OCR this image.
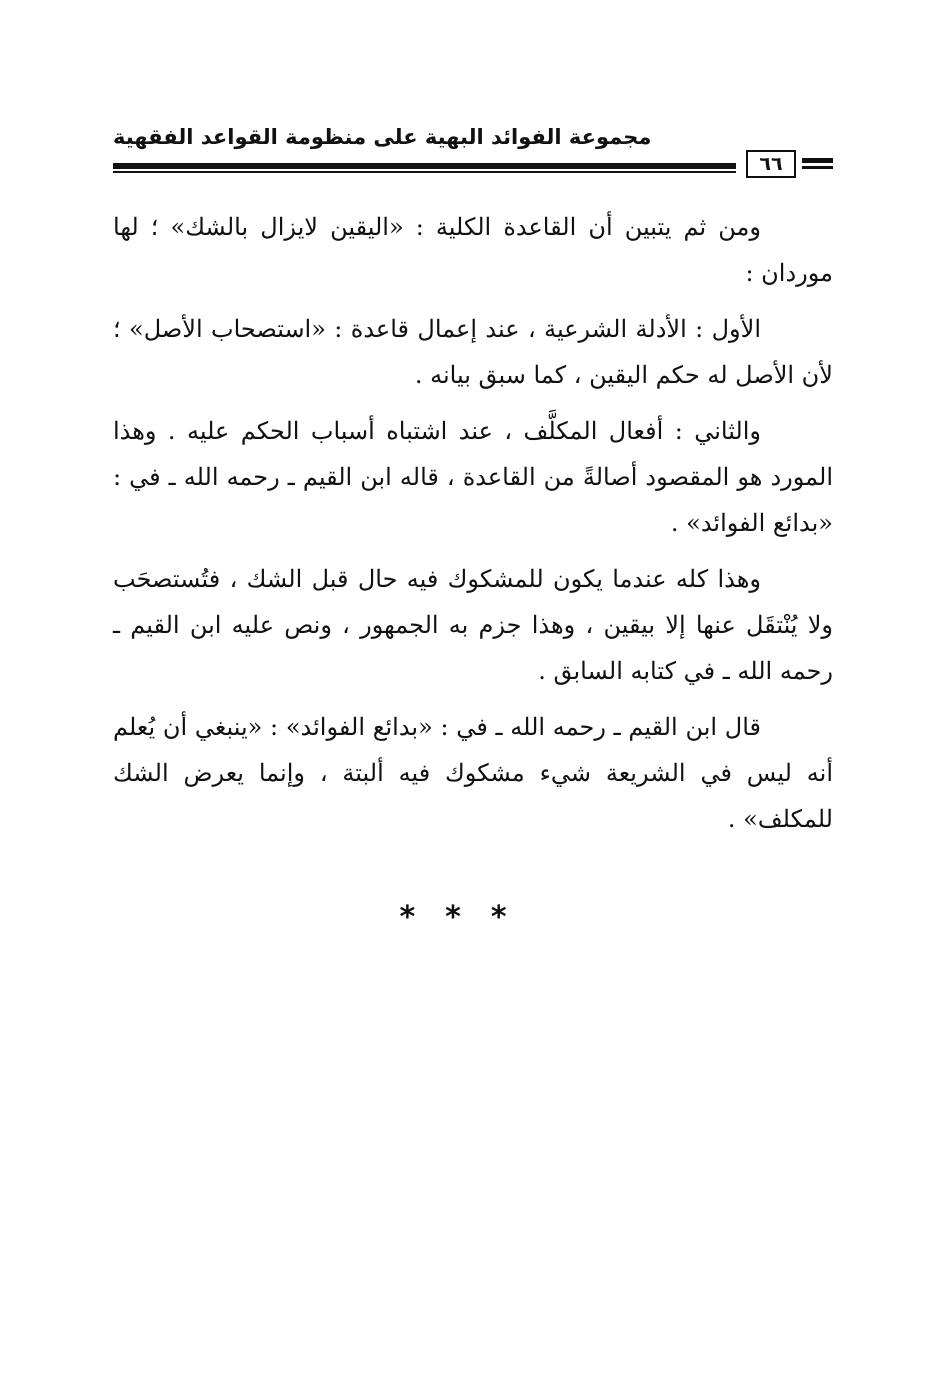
مجموعة الفوائد البهية على منظومة القواعد الفقهية
٦٦

ومن ثم يتبين أن القاعدة الكلية : «اليقين لايزال بالشك» ؛ لها موردان :

الأول : الأدلة الشرعية ، عند إعمال قاعدة : «استصحاب الأصل» ؛ لأن الأصل له حكم اليقين ، كما سبق بيانه .

والثاني : أفعال المكلَّف ، عند اشتباه أسباب الحكم عليه . وهذا المورد هو المقصود أصالةً من القاعدة ، قاله ابن القيم ـ رحمه الله ـ في : «بدائع الفوائد» .

وهذا كله عندما يكون للمشكوك فيه حال قبل الشك ، فتُستصحَب ولا يُنْتقَل عنها إلا بيقين ، وهذا جزم به الجمهور ، ونص عليه ابن القيم ـ رحمه الله ـ في كتابه السابق .

قال ابن القيم ـ رحمه الله ـ في : «بدائع الفوائد» : «ينبغي أن يُعلم أنه ليس في الشريعة شيء مشكوك فيه ألبتة ، وإنما يعرض الشك للمكلف» .

***
